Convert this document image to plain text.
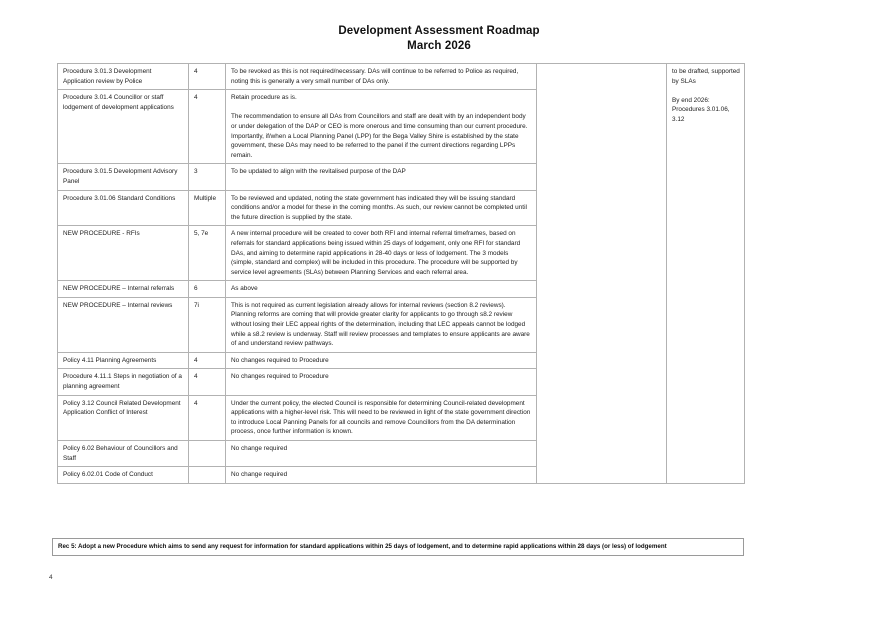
Development Assessment Roadmap
March 2026
Procedure 3.01.3 Development Application review by Police	4	To be revoked as this is not required/necessary. DAs will continue to be referred to Police as required, noting this is generally a very small number of DAs only.		to be drafted, supported by SLAs

By end 2026: Procedures 3.01.06, 3.12

Procedure 3.01.4 Councillor or staff lodgement of development applications	4	Retain procedure as is.

The recommendation to ensure all DAs from Councillors and staff are dealt with by an independent body or under delegation of the DAP or CEO is more onerous and time consuming than our current procedure. Importantly, if/when a Local Planning Panel (LPP) for the Bega Valley Shire is established by the state government, these DAs may need to be referred to the panel if the current directions regarding LPPs remain.		

Procedure 3.01.5 Development Advisory Panel	3	To be updated to align with the revitalised purpose of the DAP		

Procedure 3.01.06 Standard Conditions	Multiple	To be reviewed and updated, noting the state government has indicated they will be issuing standard conditions and/or a model for these in the coming months. As such, our review cannot be completed until the future direction is supplied by the state.		

NEW PROCEDURE - RFIs	5, 7e	A new internal procedure will be created to cover both RFI and internal referral timeframes, based on referrals for standard applications being issued within 25 days of lodgement, only one RFI for standard DAs, and aiming to determine rapid applications in 28-40 days or less of lodgement. The 3 models (simple, standard and complex) will be included in this procedure. The procedure will be supported by service level agreements (SLAs) between Planning Services and each referral area.		

NEW PROCEDURE – Internal referrals	6	As above		

NEW PROCEDURE – Internal reviews	7i	This is not required as current legislation already allows for internal reviews (section 8.2 reviews). Planning reforms are coming that will provide greater clarity for applicants to go through s8.2 review without losing their LEC appeal rights of the determination, including that LEC appeals cannot be lodged while a s8.2 review is underway. Staff will review processes and templates to ensure applicants are aware of and understand review pathways.		

Policy 4.11 Planning Agreements	4	No changes required to Procedure		

Procedure 4.11.1 Steps in negotiation of a planning agreement	4	No changes required to Procedure		

Policy 3.12 Council Related Development Application Conflict of Interest	4	Under the current policy, the elected Council is responsible for determining Council-related development applications with a higher-level risk. This will need to be reviewed in light of the state government direction to introduce Local Panning Panels for all councils and remove Councillors from the DA determination process, once further information is known.		

Policy 6.02 Behaviour of Councillors and Staff		No change required		

Policy 6.02.01 Code of Conduct		No change required		

Rec 5: Adopt a new Procedure which aims to send any request for information for standard applications within 25 days of lodgement, and to determine rapid applications within 28 days (or less) of lodgement
4
